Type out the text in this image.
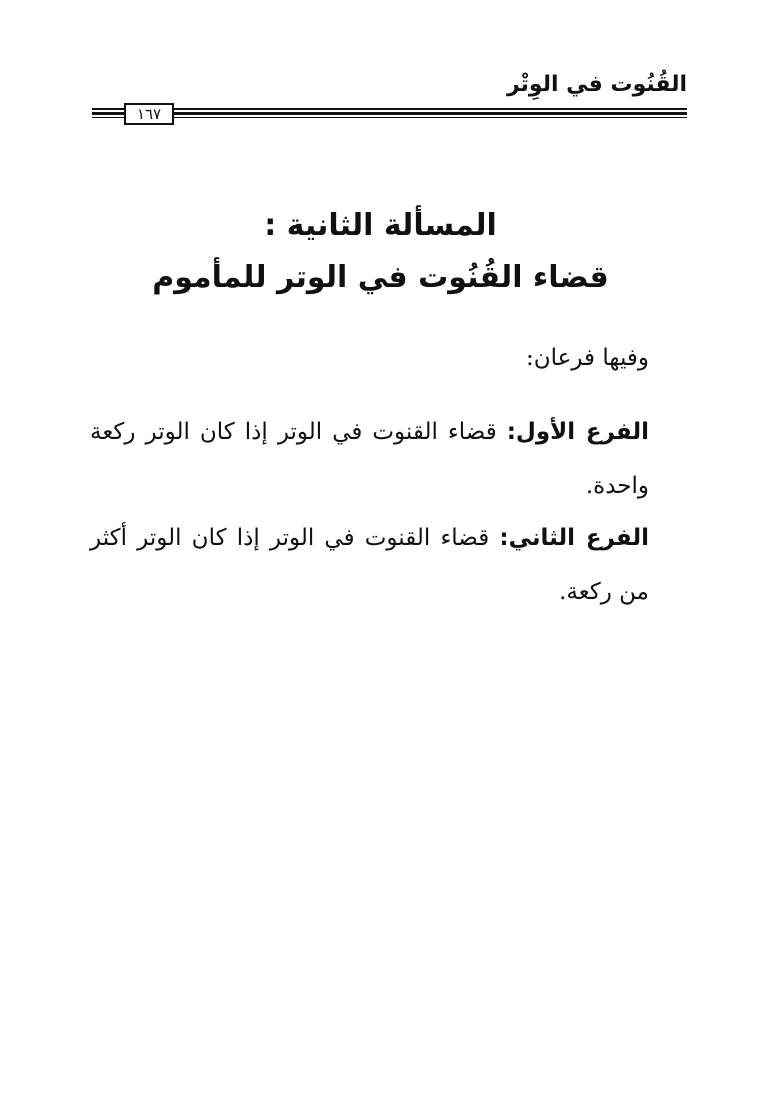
القُنُوت في الوِتْر
١٦٧
المسألة الثانية :
قضاء القُنُوت في الوتر للمأموم
وفيها فرعان:

الفرع الأول: قضاء القنوت في الوتر إذا كان الوتر ركعة واحدة.

الفرع الثاني: قضاء القنوت في الوتر إذا كان الوتر أكثر من ركعة.
